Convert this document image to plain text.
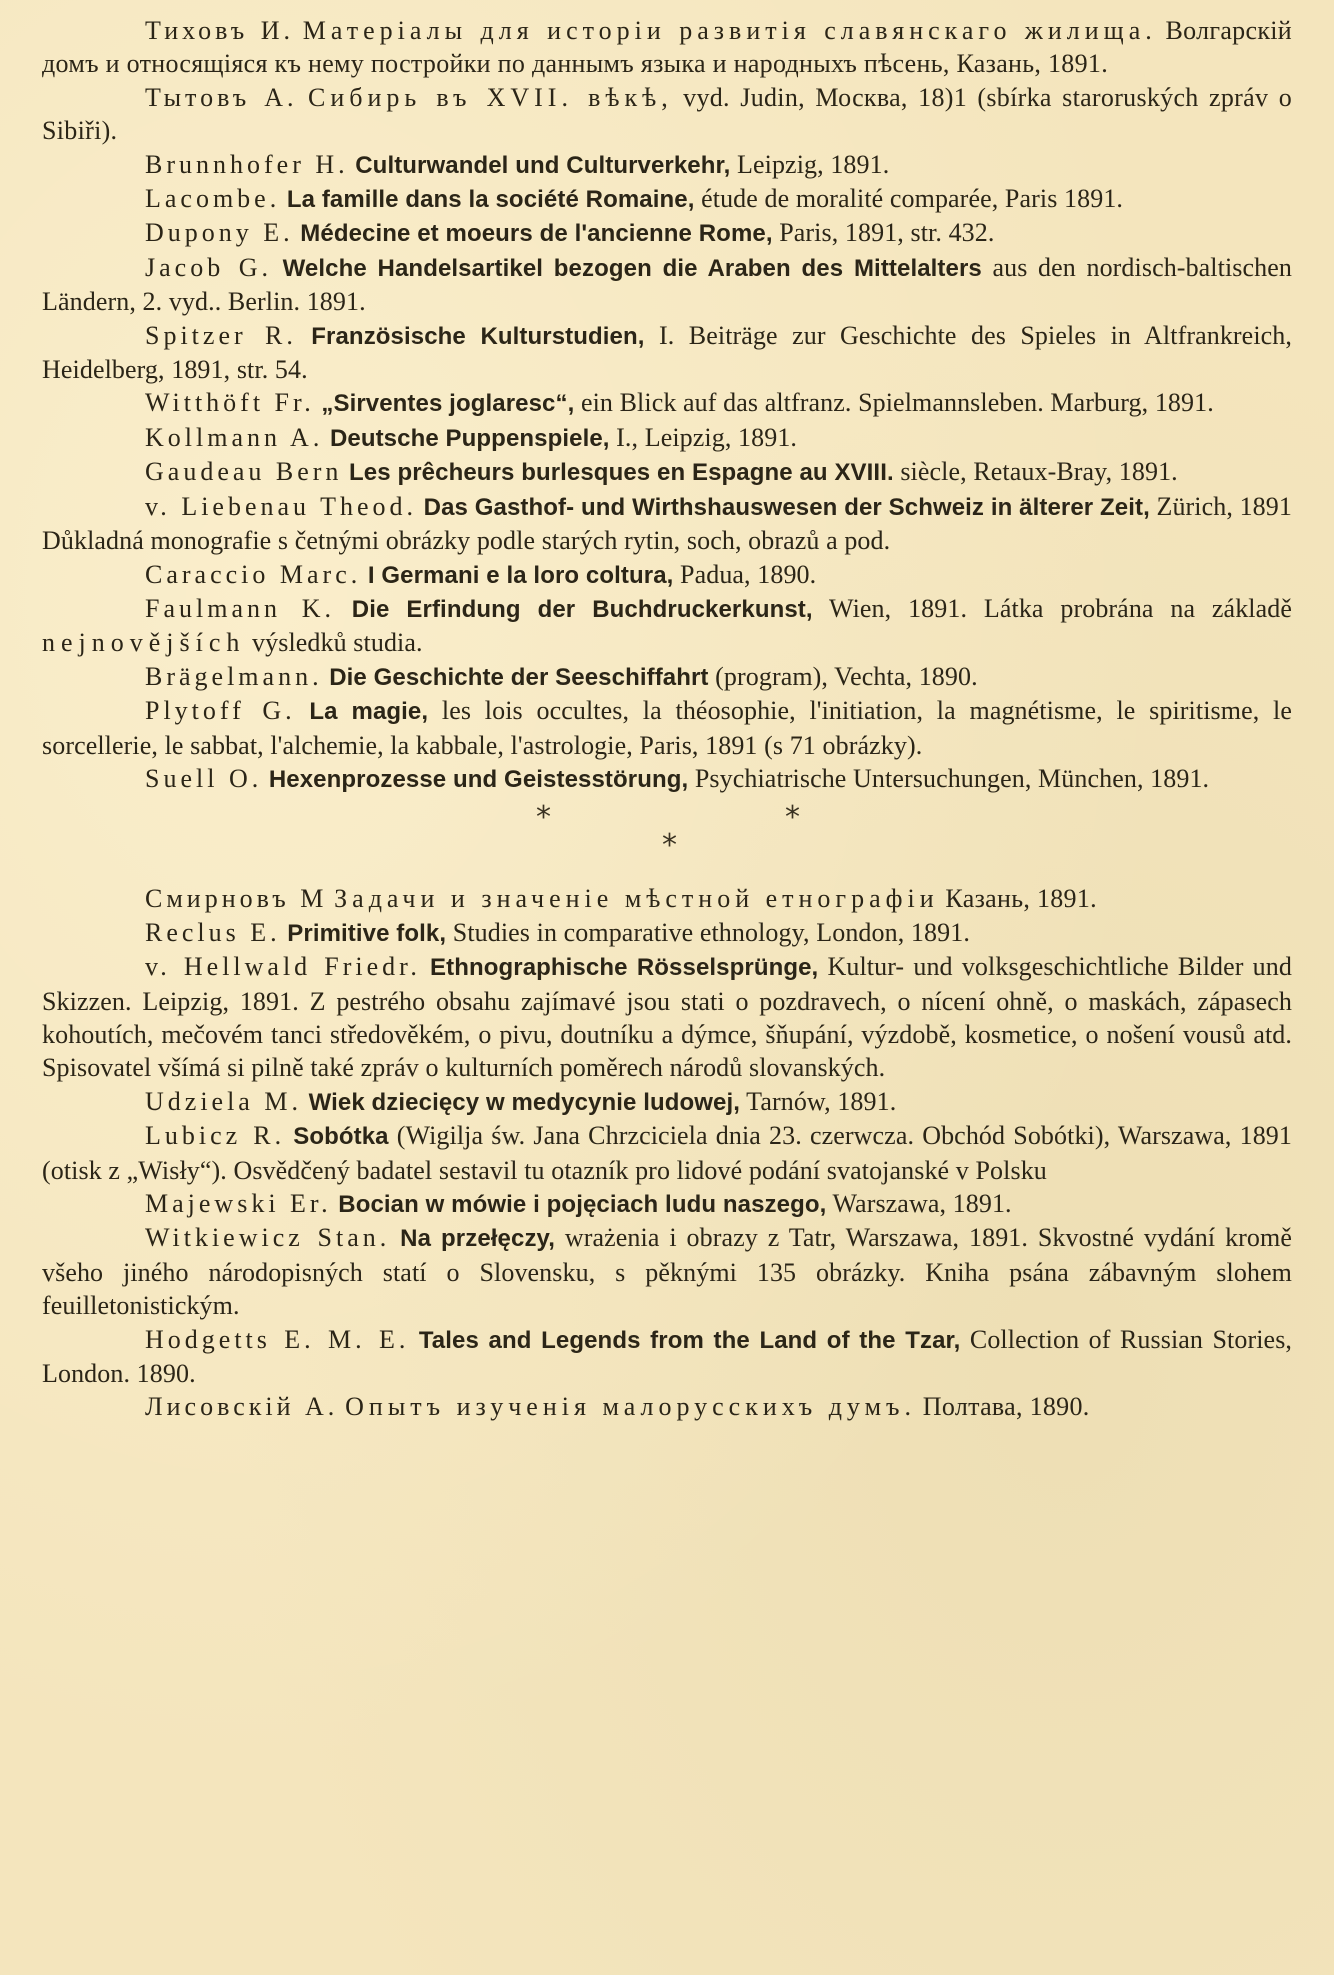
Тиховъ И. Матеріалы для исторіи развитія славянскаго жилища. Волгарскій домъ и относящіяся къ нему постройки по даннымъ языка и народныхъ пѣсень, Казань, 1891.

Тытовъ А. Сибирь въ XVII. вѣкѣ, vyd. Judin, Москва, 18)1 (sbírka staroruských zpráv o Sibiři).

Brunnhofer H. Culturwandel und Culturverkehr, Leipzig, 1891.

Lacombe. La famille dans la société Romaine, étude de moralité comparée, Paris 1891.

Dupony E. Médecine et moeurs de l'ancienne Rome, Paris, 1891, str. 432.

Jacob G. Welche Handelsartikel bezogen die Araben des Mittelalters aus den nordisch-baltischen Ländern, 2. vyd.. Berlin. 1891.

Spitzer R. Französische Kulturstudien, I. Beiträge zur Geschichte des Spieles in Altfrankreich, Heidelberg, 1891, str. 54.

Witthöft Fr. „Sirventes joglaresc“, ein Blick auf das altfranz. Spielmannsleben. Marburg, 1891.

Kollmann A. Deutsche Puppenspiele, I., Leipzig, 1891.

Gaudeau Bern Les prêcheurs burlesques en Espagne au XVIII. siècle, Retaux-Bray, 1891.

v. Liebenau Theod. Das Gasthof- und Wirthshauswesen der Schweiz in älterer Zeit, Zürich, 1891 Důkladná monografie s četnými obrázky podle starých rytin, soch, obrazů a pod.

Caraccio Marc. I Germani e la loro coltura, Padua, 1890.

Faulmann K. Die Erfindung der Buchdruckerkunst, Wien, 1891. Látka probrána na základě nejnovějších výsledků studia.

Brägelmann. Die Geschichte der Seeschiffahrt (program), Vechta, 1890.

Plytoff G. La magie, les lois occultes, la théosophie, l'initiation, la magnétisme, le spiritisme, le sorcellerie, le sabbat, l'alchemie, la kabbale, l'astrologie, Paris, 1891 (s 71 obrázky).

Suell O. Hexenprozesse und Geistesstörung, Psychiatrische Untersuchungen, München, 1891.

*	*
*

Смирновъ М Задачи и значеніе мѣстной етнографіи Казань, 1891.

Reclus E. Primitive folk, Studies in comparative ethnology, London, 1891.

v. Hellwald Friedr. Ethnographische Rösselsprünge, Kultur- und volksgeschichtliche Bilder und Skizzen. Leipzig, 1891. Z pestrého obsahu zajímavé jsou stati o pozdravech, o nícení ohně, o maskách, zápasech kohoutích, mečovém tanci středověkém, o pivu, doutníku a dýmce, šňupání, výzdobě, kosmetice, o nošení vousů atd. Spisovatel všímá si pilně také zpráv o kulturních poměrech národů slovanských.

Udziela M. Wiek dziecięcy w medycynie ludowej, Tarnów, 1891.

Lubicz R. Sobótka (Wigilja św. Jana Chrzciciela dnia 23. czerwcza. Obchód Sobótki), Warszawa, 1891 (otisk z „Wisły“). Osvědčený badatel sestavil tu otazník pro lidové podání svatojanské v Polsku

Majewski Er. Bocian w mówie i pojęciach ludu naszego, Warszawa, 1891.

Witkiewicz Stan. Na przełęczy, wrażenia i obrazy z Tatr, Warszawa, 1891. Skvostné vydání kromě všeho jiného národopisných statí o Slovensku, s pěknými 135 obrázky. Kniha psána zábavným slohem feuilletonistickým.

Hodgetts E. M. E. Tales and Legends from the Land of the Tzar, Collection of Russian Stories, London. 1890.

Лисовскій А. Опытъ изученія малорусскихъ думъ. Полтава, 1890.
